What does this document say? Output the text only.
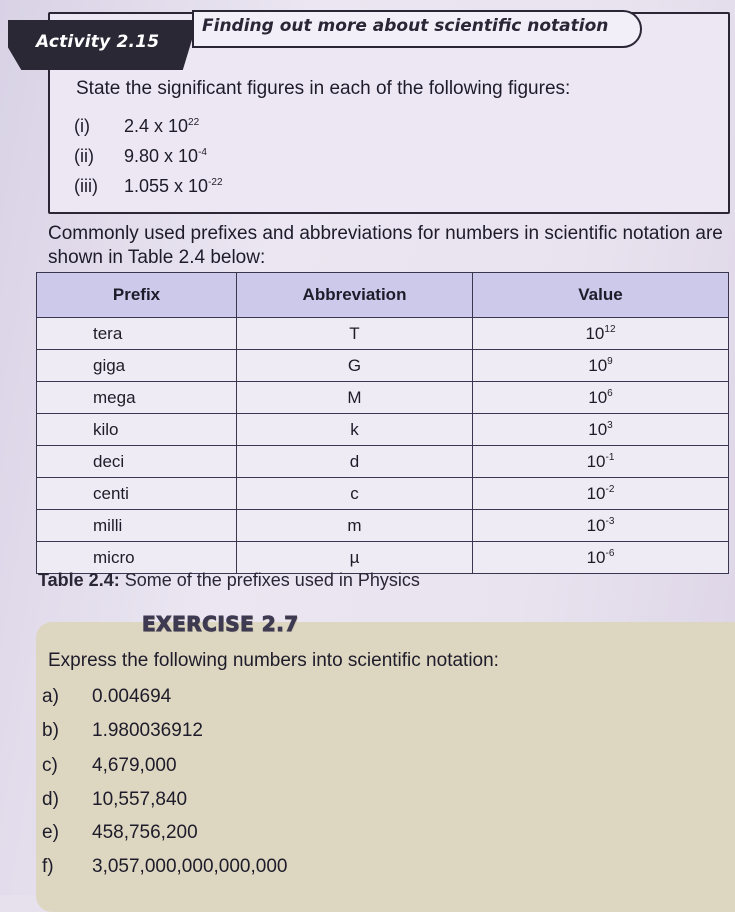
Activity 2.15
Finding out more about scientific notation
State the significant figures in each of the following figures:
(i) 2.4 x $10^{22}$
(ii) 9.80 x $10^{-4}$
(iii) 1.055 x $10^{-22}$
Commonly used prefixes and abbreviations for numbers in scientific notation are shown in Table 2.4 below:
Prefix	Abbreviation	Value
tera	T	$10^{12}$
giga	G	$10^9$
mega	M	$10^6$
kilo	k	$10^3$
deci	d	$10^{-1}$
centi	c	$10^{-2}$
milli	m	$10^{-3}$
micro	µ	$10^{-6}$
Table 2.4: Some of the prefixes used in Physics
EXERCISE 2.7
Express the following numbers into scientific notation:
a) 0.004694
b) 1.980036912
c) 4,679,000
d) 10,557,840
e) 458,756,200
f) 3,057,000,000,000,000
